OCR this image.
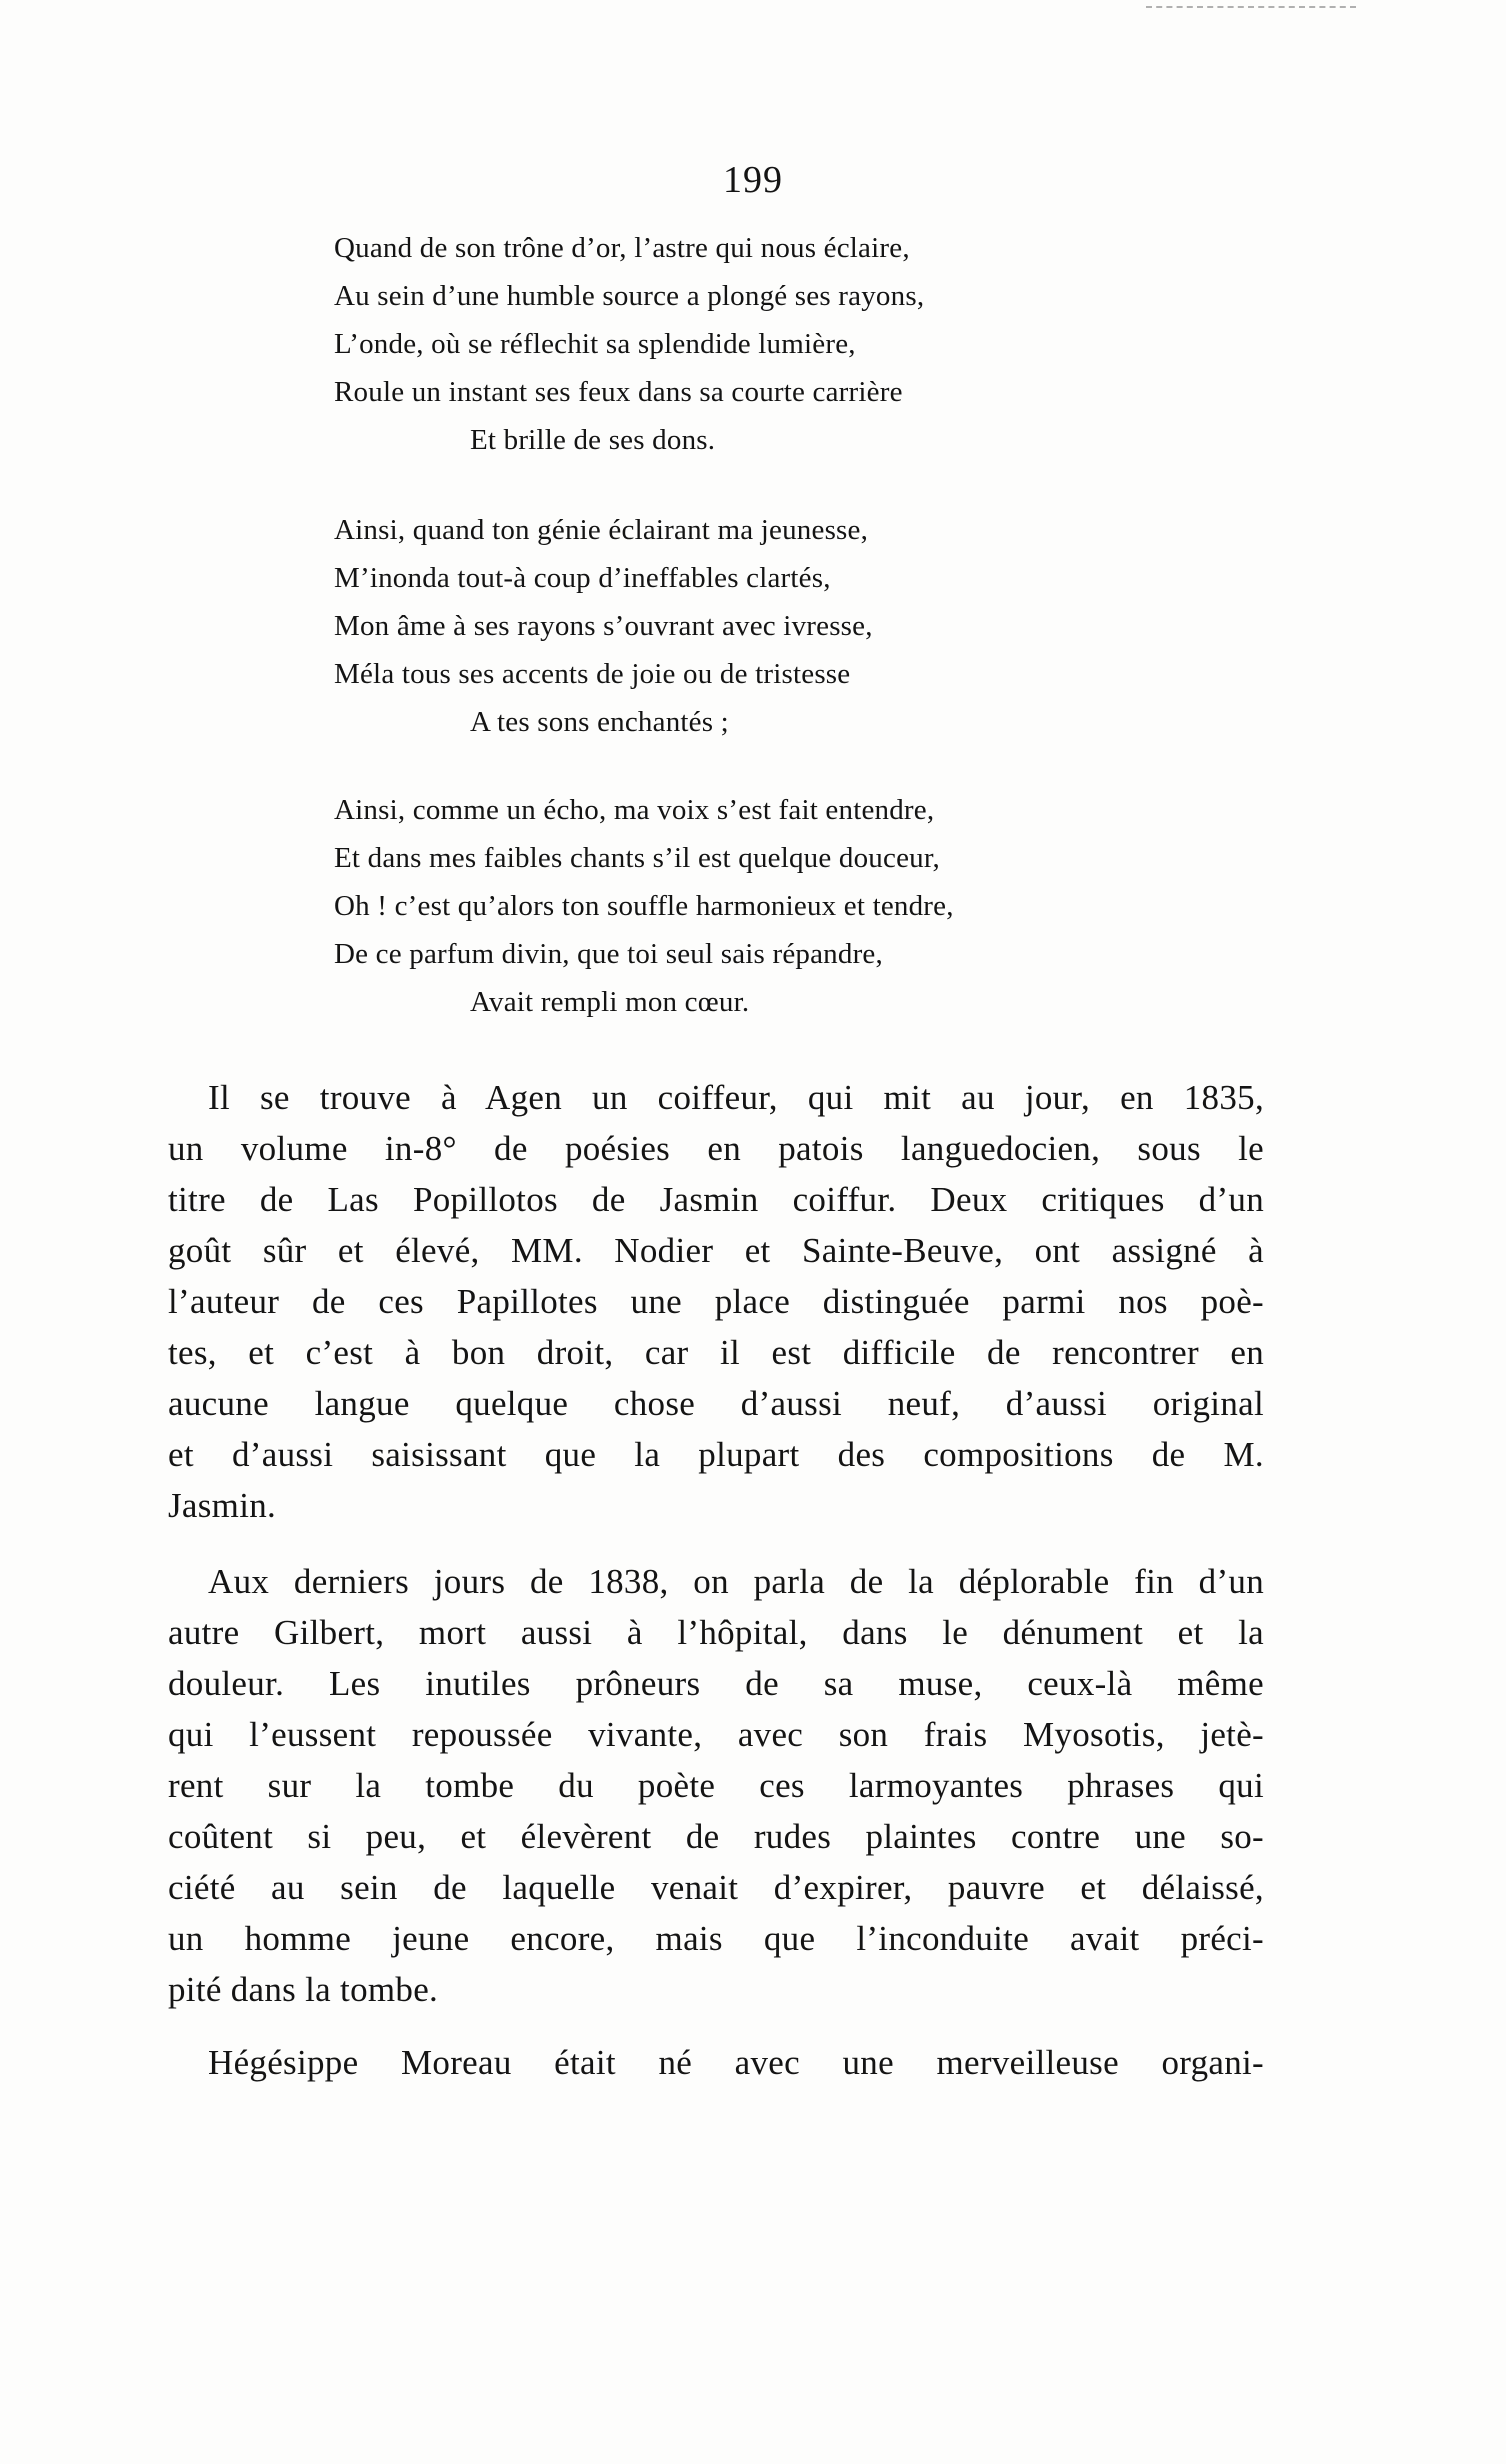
199
Quand de son trône d’or, l’astre qui nous éclaire,
Au sein d’une humble source a plongé ses rayons,
L’onde, où se réflechit sa splendide lumière,
Roule un instant ses feux dans sa courte carrière
Et brille de ses dons.
Ainsi, quand ton génie éclairant ma jeunesse,
M’inonda tout-à coup d’ineffables clartés,
Mon âme à ses rayons s’ouvrant avec ivresse,
Méla tous ses accents de joie ou de tristesse
A tes sons enchantés ;
Ainsi, comme un écho, ma voix s’est fait entendre,
Et dans mes faibles chants s’il est quelque douceur,
Oh ! c’est qu’alors ton souffle harmonieux et tendre,
De ce parfum divin, que toi seul sais répandre,
Avait rempli mon cœur.
Il se trouve à Agen un coiffeur, qui mit au jour, en 1835,
un volume in-8° de poésies en patois languedocien, sous le
titre de Las Popillotos de Jasmin coiffur. Deux critiques d’un
goût sûr et élevé, MM. Nodier et Sainte-Beuve, ont assigné à
l’auteur de ces Papillotes une place distinguée parmi nos poè-
tes, et c’est à bon droit, car il est difficile de rencontrer en
aucune langue quelque chose d’aussi neuf, d’aussi original
et d’aussi saisissant que la plupart des compositions de M.
Jasmin.
Aux derniers jours de 1838, on parla de la déplorable fin d’un
autre Gilbert, mort aussi à l’hôpital, dans le dénument et la
douleur. Les inutiles prôneurs de sa muse, ceux-là même
qui l’eussent repoussée vivante, avec son frais Myosotis, jetè-
rent sur la tombe du poète ces larmoyantes phrases qui
coûtent si peu, et élevèrent de rudes plaintes contre une so-
ciété au sein de laquelle venait d’expirer, pauvre et délaissé,
un homme jeune encore, mais que l’inconduite avait préci-
pité dans la tombe.
Hégésippe Moreau était né avec une merveilleuse organi-
